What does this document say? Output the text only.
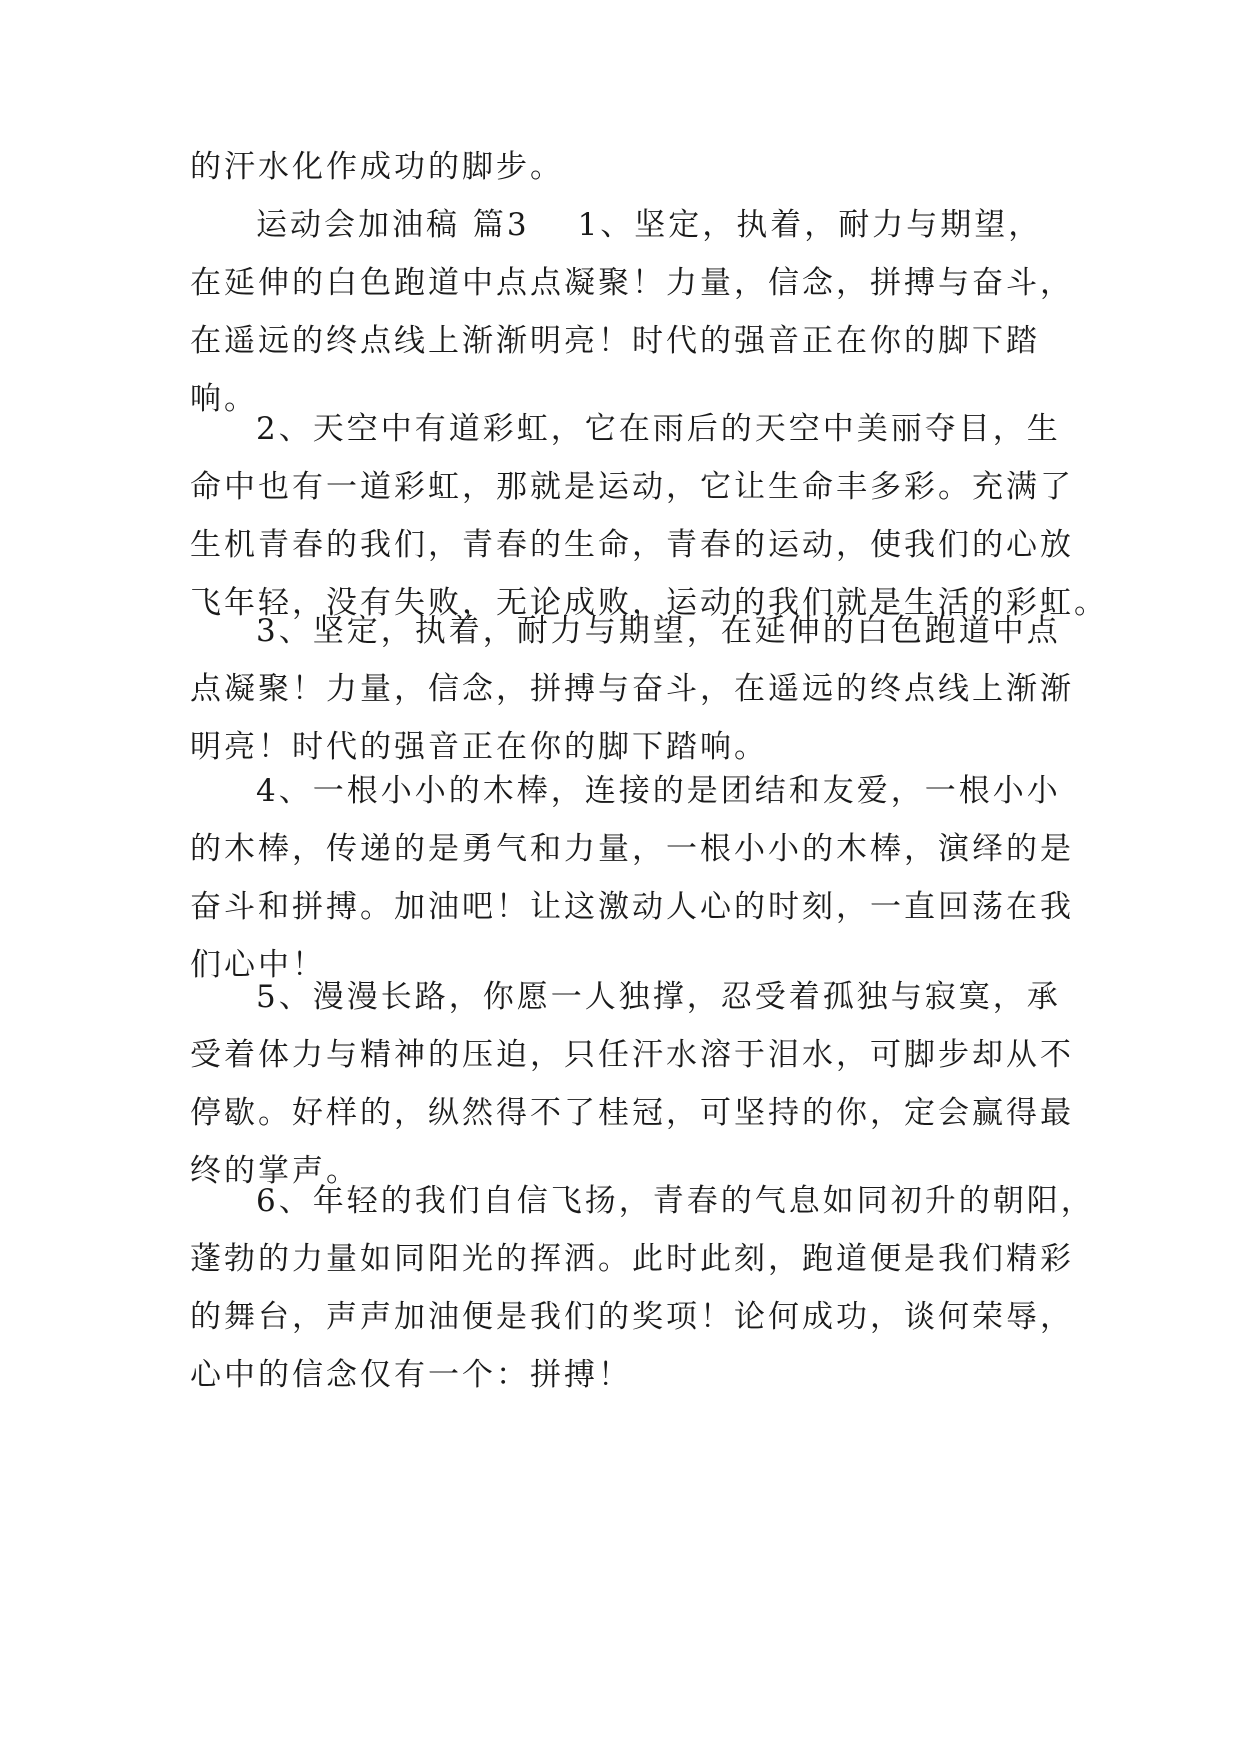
的汗水化作成功的脚步。

运动会加油稿 篇3 1、坚定，执着，耐力与期望，
在延伸的白色跑道中点点凝聚！力量，信念，拼搏与奋斗，
在遥远的终点线上渐渐明亮！时代的强音正在你的脚下踏
响。

2、天空中有道彩虹，它在雨后的天空中美丽夺目，生
命中也有一道彩虹，那就是运动，它让生命丰多彩。充满了
生机青春的我们，青春的生命，青春的运动，使我们的心放
飞年轻，没有失败，无论成败，运动的我们就是生活的彩虹。

3、坚定，执着，耐力与期望，在延伸的白色跑道中点
点凝聚！力量，信念，拼搏与奋斗，在遥远的终点线上渐渐
明亮！时代的强音正在你的脚下踏响。

4、一根小小的木棒，连接的是团结和友爱，一根小小
的木棒，传递的是勇气和力量，一根小小的木棒，演绎的是
奋斗和拼搏。加油吧！让这激动人心的时刻，一直回荡在我
们心中！

5、漫漫长路，你愿一人独撑，忍受着孤独与寂寞，承
受着体力与精神的压迫，只任汗水溶于泪水，可脚步却从不
停歇。好样的，纵然得不了桂冠，可坚持的你，定会赢得最
终的掌声。

6、年轻的我们自信飞扬，青春的气息如同初升的朝阳，
蓬勃的力量如同阳光的挥洒。此时此刻，跑道便是我们精彩
的舞台，声声加油便是我们的奖项！论何成功，谈何荣辱，
心中的信念仅有一个：拼搏！
